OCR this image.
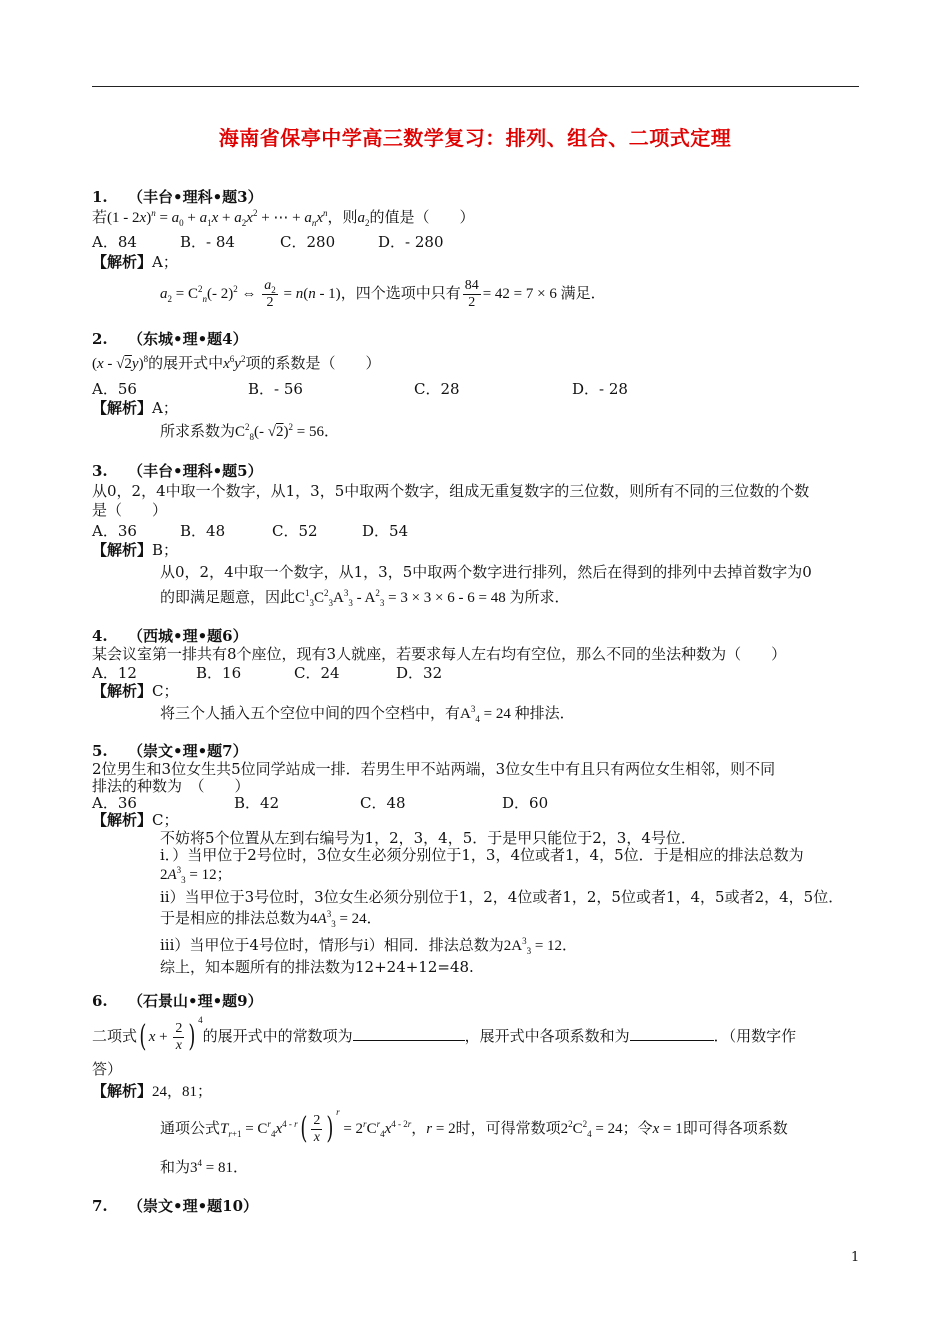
海南省保亭中学高三数学复习：排列、组合、二项式定理
1. （丰台•理科•题3）
若$(1 - 2x)^n = a_0 + a_1x + a_2x^2$ + ⋯ + $a_nx^n$，则$a_2$的值是（　　）
A．84	B．- 84	C．280	D．- 280
【解析】A；
$a_2 = C^2_n(-$ 2)$^2$ ⇔ $\frac{a_2}{2} = n(n - 1)$，四个选项中只有 $\frac{84}{2} = 42 = 7 \times 6$ 满足．
2. （东城•理•题4）
(x - √2y)$^8$的展开式中$x^6y^2$项的系数是（　　）
A．56	B．- 56	C．28	D．- 28
【解析】A；
所求系数为$C^2_8(-$ √2)$^2$ = 56．
3. （丰台•理科•题5）
从0，2，4中取一个数字，从1，3，5中取两个数字，组成无重复数字的三位数，则所有不同的三位数的个数
是（　　）
A．36	B．48	C．52	D．54
【解析】B；
从0，2，4中取一个数字，从1，3，5中取两个数字进行排列，然后在得到的排列中去掉首数字为0
的即满足题意，因此$C^1_3C^2_3A^3_3 - A^2_3 = 3 \times 3 \times 6 - 6 = 48$ 为所求．
4. （西城•理•题6）
某会议室第一排共有8个座位，现有3人就座，若要求每人左右均有空位，那么不同的坐法种数为（　　）
A．12	B．16	C．24	D．32
【解析】C；
将三个人插入五个空位中间的四个空档中，有$A^3_4 = 24$ 种排法．
5. （崇文•理•题7）
2位男生和3位女生共5位同学站成一排．若男生甲不站两端，3位女生中有且只有两位女生相邻，则不同
排法的种数为　（　　）
A．36	B．42	C．48	D．60
【解析】C；
不妨将5个位置从左到右编号为1，2，3，4，5．于是甲只能位于2，3，4号位．
i．）当甲位于2号位时，3位女生必须分别位于1，3，4位或者1，4，5位．于是相应的排法总数为
$2A^3_3 = 12$；
ii）当甲位于3号位时，3位女生必须分别位于1，2，4位或者1，2，5位或者1，4，5或者2，4，5位．
于是相应的排法总数为$4A^3_3 = 24$．
iii）当甲位于4号位时，情形与i）相同．排法总数为$2A^3_3 = 12$．
综上，知本题所有的排法数为12+24+12=48.
6. （石景山•理•题9）
二项式( $x + \frac{2}{x}$ ) $^4$的展开式中的常数项为	，展开式中各项系数和为	．（用数字作
答）
【解析】24，81；
通项公式$T_{r+1} = C^r_4x^{4 - r}( \frac{2}{x}$ ) $^r = 2^rC^r_4x^{4 - 2r}$，r = 2时，可得常数项$2^2C^2_4 = 24$；令x = 1即可得各项系数
和为$3^4 = 81$．
7. （崇文•理•题10）
1
